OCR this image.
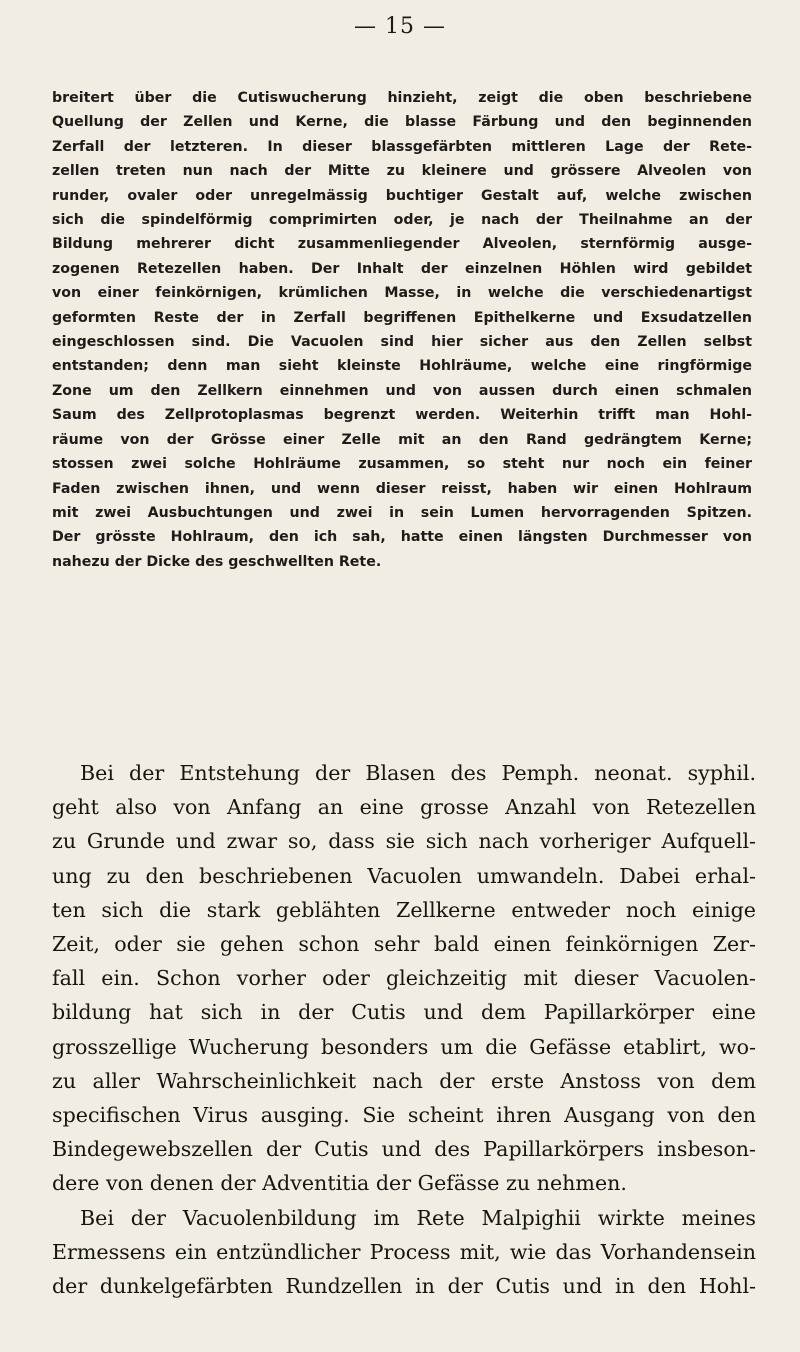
— 15 —
breitert über die Cutiswucherung hinzieht, zeigt die oben beschriebene
Quellung der Zellen und Kerne, die blasse Färbung und den beginnenden
Zerfall der letzteren. In dieser blassgefärbten mittleren Lage der Rete-
zellen treten nun nach der Mitte zu kleinere und grössere Alveolen von
runder, ovaler oder unregelmässig buchtiger Gestalt auf, welche zwischen
sich die spindelförmig comprimirten oder, je nach der Theilnahme an der
Bildung mehrerer dicht zusammenliegender Alveolen, sternförmig ausge-
zogenen Retezellen haben. Der Inhalt der einzelnen Höhlen wird gebildet
von einer feinkörnigen, krümlichen Masse, in welche die verschiedenartigst
geformten Reste der in Zerfall begriffenen Epithelkerne und Exsudatzellen
eingeschlossen sind. Die Vacuolen sind hier sicher aus den Zellen selbst
entstanden; denn man sieht kleinste Hohlräume, welche eine ringförmige
Zone um den Zellkern einnehmen und von aussen durch einen schmalen
Saum des Zellprotoplasmas begrenzt werden. Weiterhin trifft man Hohl-
räume von der Grösse einer Zelle mit an den Rand gedrängtem Kerne;
stossen zwei solche Hohlräume zusammen, so steht nur noch ein feiner
Faden zwischen ihnen, und wenn dieser reisst, haben wir einen Hohlraum
mit zwei Ausbuchtungen und zwei in sein Lumen hervorragenden Spitzen.
Der grösste Hohlraum, den ich sah, hatte einen längsten Durchmesser von
nahezu der Dicke des geschwellten Rete.
Bei der Entstehung der Blasen des Pemph. neonat. syphil.
geht also von Anfang an eine grosse Anzahl von Retezellen
zu Grunde und zwar so, dass sie sich nach vorheriger Aufquell-
ung zu den beschriebenen Vacuolen umwandeln. Dabei erhal-
ten sich die stark geblähten Zellkerne entweder noch einige
Zeit, oder sie gehen schon sehr bald einen feinkörnigen Zer-
fall ein. Schon vorher oder gleichzeitig mit dieser Vacuolen-
bildung hat sich in der Cutis und dem Papillarkörper eine
grosszellige Wucherung besonders um die Gefässe etablirt, wo-
zu aller Wahrscheinlichkeit nach der erste Anstoss von dem
specifischen Virus ausging. Sie scheint ihren Ausgang von den
Bindegewebszellen der Cutis und des Papillarkörpers insbeson-
dere von denen der Adventitia der Gefässe zu nehmen.
Bei der Vacuolenbildung im Rete Malpighii wirkte meines
Ermessens ein entzündlicher Process mit, wie das Vorhandensein
der dunkelgefärbten Rundzellen in der Cutis und in den Hohl-
